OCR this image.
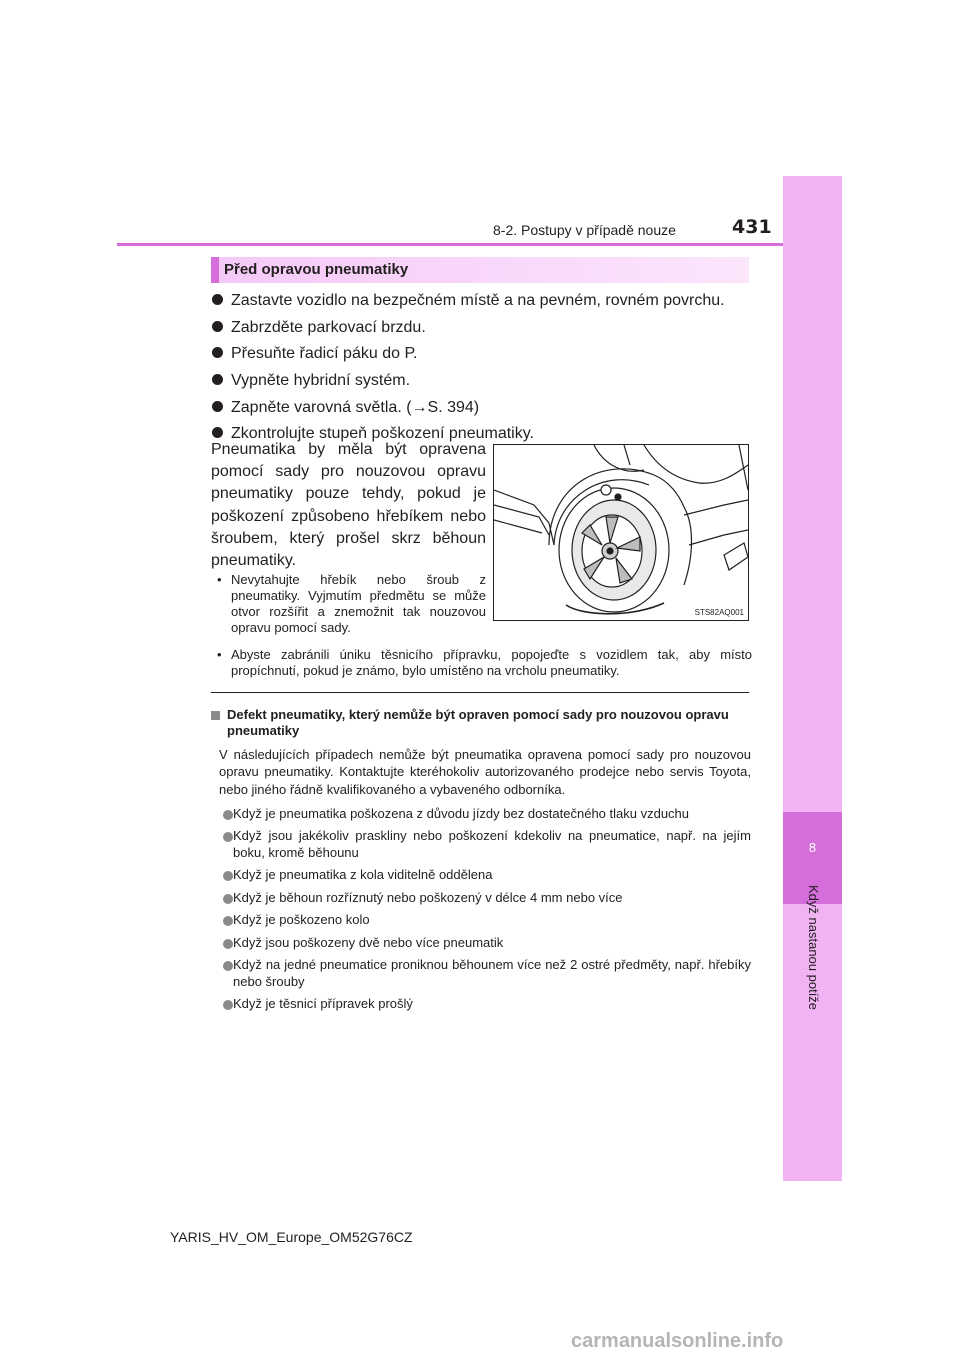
8
Když nastanou potíže
8-2. Postupy v případě nouze	431
Před opravou pneumatiky
Zastavte vozidlo na bezpečném místě a na pevném, rovném povrchu.
Zabrzděte parkovací brzdu.
Přesuňte řadicí páku do P.
Vypněte hybridní systém.
Zapněte varovná světla. (→S. 394)
Zkontrolujte stupeň poškození pneumatiky.
Pneumatika by měla být opravena pomocí sady pro nouzovou opravu pneumatiky pouze tehdy, pokud je poškození způsobeno hřebíkem nebo šroubem, který prošel skrz běhoun pneumatiky.
• Nevytahujte hřebík nebo šroub z pneumatiky. Vyjmutím předmětu se může otvor rozšířit a znemožnit tak nouzovou opravu pomocí sady.
• Abyste zabránili úniku těsnicího přípravku, popojeďte s vozidlem tak, aby místo propíchnutí, pokud je známo, bylo umístěno na vrcholu pneumatiky.
STS82AQ001
Defekt pneumatiky, který nemůže být opraven pomocí sady pro nouzovou opravu pneumatiky
V následujících případech nemůže být pneumatika opravena pomocí sady pro nouzovou opravu pneumatiky. Kontaktujte kteréhokoliv autorizovaného prodejce nebo servis Toyota, nebo jiného řádně kvalifikovaného a vybaveného odborníka.
Když je pneumatika poškozena z důvodu jízdy bez dostatečného tlaku vzduchu
Když jsou jakékoliv praskliny nebo poškození kdekoliv na pneumatice, např. na jejím boku, kromě běhounu
Když je pneumatika z kola viditelně oddělena
Když je běhoun rozříznutý nebo poškozený v délce 4 mm nebo více
Když je poškozeno kolo
Když jsou poškozeny dvě nebo více pneumatik
Když na jedné pneumatice proniknou běhounem více než 2 ostré předměty, např. hřebíky nebo šrouby
Když je těsnicí přípravek prošlý
YARIS_HV_OM_Europe_OM52G76CZ
carmanualsonline.info
